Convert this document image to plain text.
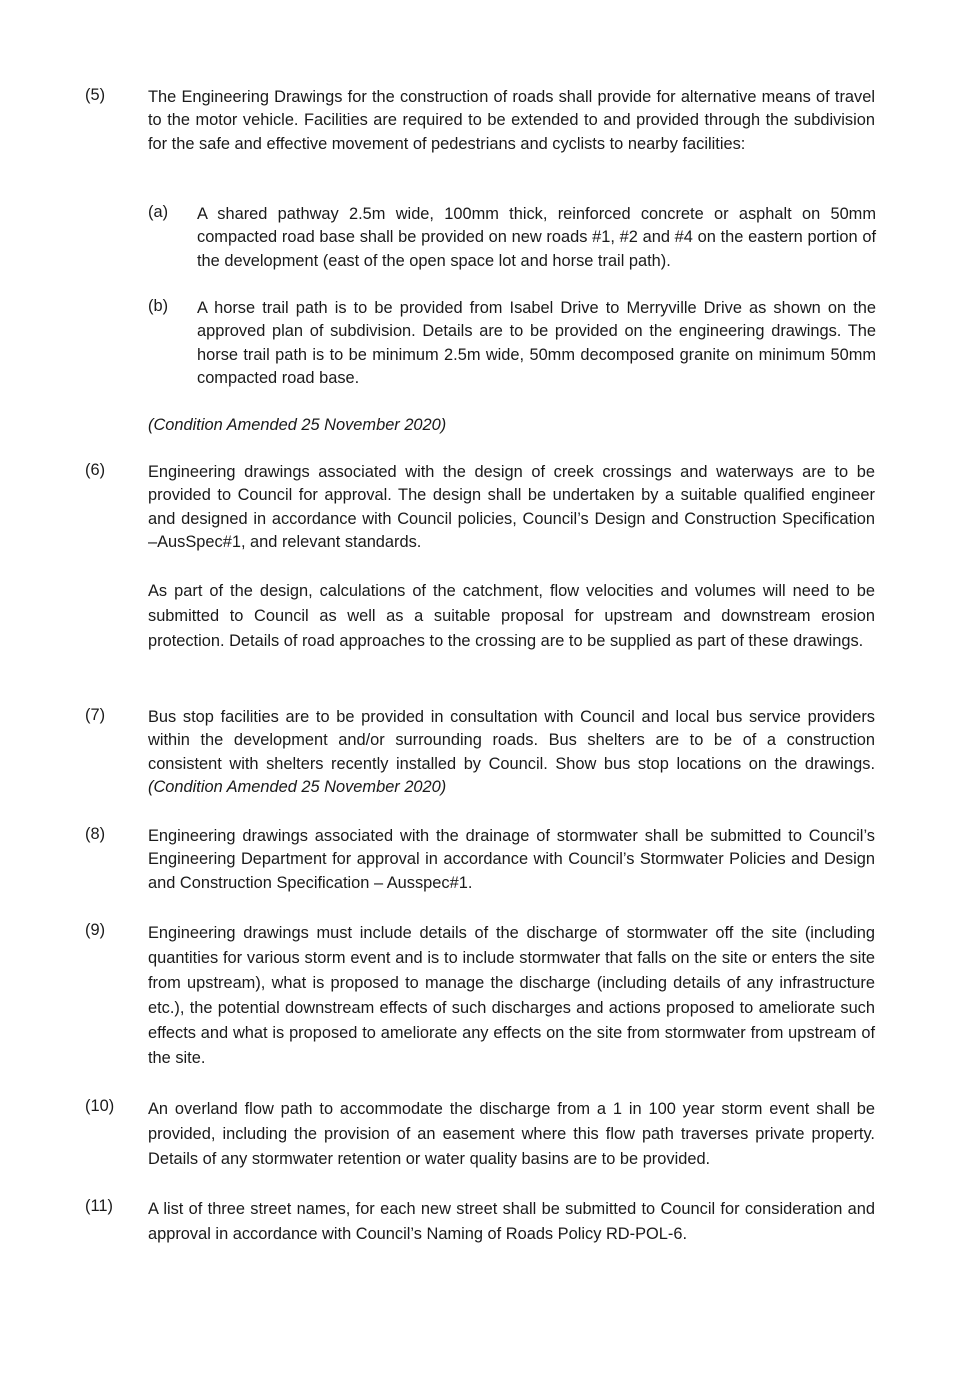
(5)	The Engineering Drawings for the construction of roads shall provide for alternative means of travel to the motor vehicle. Facilities are required to be extended to and provided through the subdivision for the safe and effective movement of pedestrians and cyclists to nearby facilities:

(a)	A shared pathway 2.5m wide, 100mm thick, reinforced concrete or asphalt on 50mm compacted road base shall be provided on new roads #1, #2 and #4 on the eastern portion of the development (east of the open space lot and horse trail path).

(b)	A horse trail path is to be provided from Isabel Drive to Merryville Drive as shown on the approved plan of subdivision. Details are to be provided on the engineering drawings. The horse trail path is to be minimum 2.5m wide, 50mm decomposed granite on minimum 50mm compacted road base.

(Condition Amended 25 November 2020)

(6)	Engineering drawings associated with the design of creek crossings and waterways are to be provided to Council for approval. The design shall be undertaken by a suitable qualified engineer and designed in accordance with Council policies, Council’s Design and Construction Specification –AusSpec#1, and relevant standards.

As part of the design, calculations of the catchment, flow velocities and volumes will need to be submitted to Council as well as a suitable proposal for upstream and downstream erosion protection. Details of road approaches to the crossing are to be supplied as part of these drawings.

(7)	Bus stop facilities are to be provided in consultation with Council and local bus service providers within the development and/or surrounding roads. Bus shelters are to be of a construction consistent with shelters recently installed by Council. Show bus stop locations on the drawings. (Condition Amended 25 November 2020)

(8)	Engineering drawings associated with the drainage of stormwater shall be submitted to Council’s Engineering Department for approval in accordance with Council’s Stormwater Policies and Design and Construction Specification – Ausspec#1.

(9)	Engineering drawings must include details of the discharge of stormwater off the site (including quantities for various storm event and is to include stormwater that falls on the site or enters the site from upstream), what is proposed to manage the discharge (including details of any infrastructure etc.), the potential downstream effects of such discharges and actions proposed to ameliorate such effects and what is proposed to ameliorate any effects on the site from stormwater from upstream of the site.

(10)	An overland flow path to accommodate the discharge from a 1 in 100 year storm event shall be provided, including the provision of an easement where this flow path traverses private property. Details of any stormwater retention or water quality basins are to be provided.

(11)	A list of three street names, for each new street shall be submitted to Council for consideration and approval in accordance with Council’s Naming of Roads Policy RD-POL-6.
